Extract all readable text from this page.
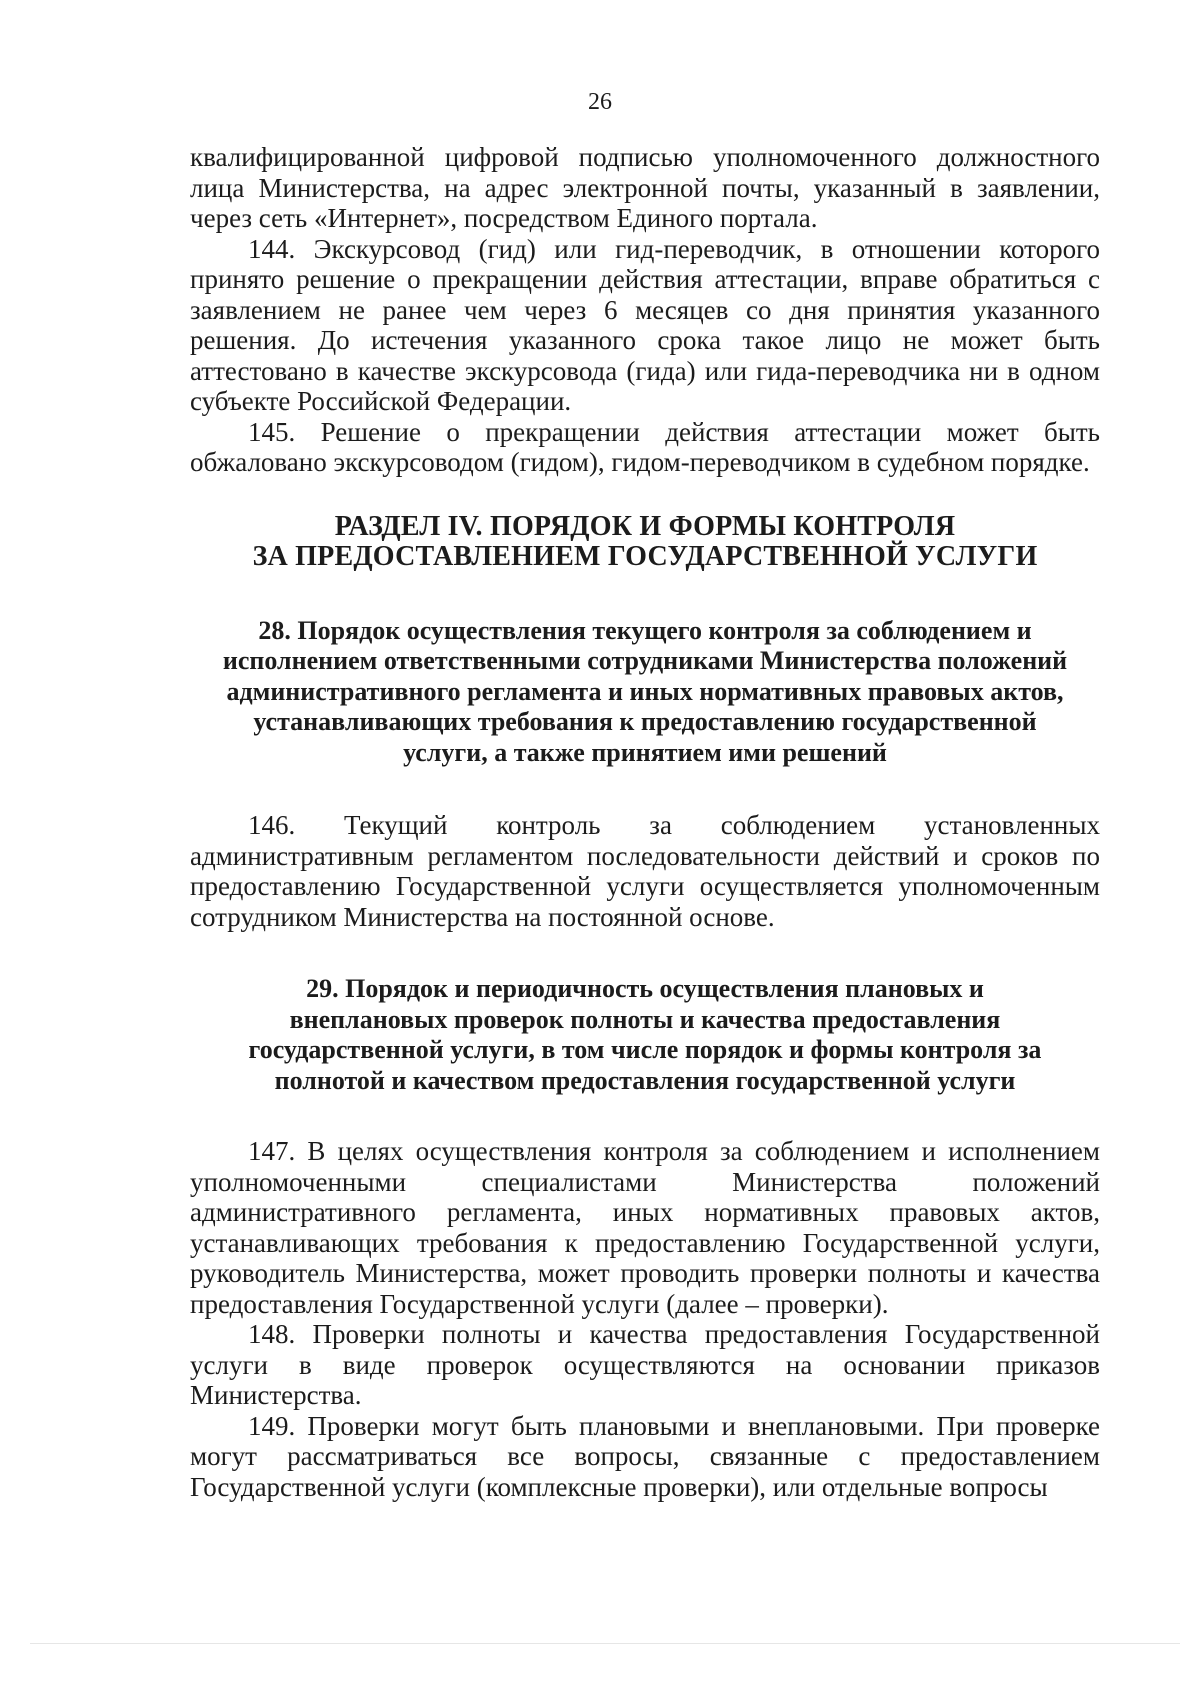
26

квалифицированной цифровой подписью уполномоченного должностного лица Министерства, на адрес электронной почты, указанный в заявлении, через сеть «Интернет», посредством Единого портала.

144. Экскурсовод (гид) или гид-переводчик, в отношении которого принято решение о прекращении действия аттестации, вправе обратиться с заявлением не ранее чем через 6 месяцев со дня принятия указанного решения. До истечения указанного срока такое лицо не может быть аттестовано в качестве экскурсовода (гида) или гида-переводчика ни в одном субъекте Российской Федерации.

145. Решение о прекращении действия аттестации может быть обжаловано экскурсоводом (гидом), гидом-переводчиком в судебном порядке.

РАЗДЕЛ IV. ПОРЯДОК И ФОРМЫ КОНТРОЛЯ
ЗА ПРЕДОСТАВЛЕНИЕМ ГОСУДАРСТВЕННОЙ УСЛУГИ
28. Порядок осуществления текущего контроля за соблюдением и
исполнением ответственными сотрудниками Министерства положений
административного регламента и иных нормативных правовых актов,
устанавливающих требования к предоставлению государственной
услуги, а также принятием ими решений

146. Текущий контроль за соблюдением установленных административным регламентом последовательности действий и сроков по предоставлению Государственной услуги осуществляется уполномоченным сотрудником Министерства на постоянной основе.

29. Порядок и периодичность осуществления плановых и
внеплановых проверок полноты и качества предоставления
государственной услуги, в том числе порядок и формы контроля за
полнотой и качеством предоставления государственной услуги

147. В целях осуществления контроля за соблюдением и исполнением уполномоченными специалистами Министерства положений административного регламента, иных нормативных правовых актов, устанавливающих требования к предоставлению Государственной услуги, руководитель Министерства, может проводить проверки полноты и качества предоставления Государственной услуги (далее – проверки).

148. Проверки полноты и качества предоставления Государственной услуги в виде проверок осуществляются на основании приказов Министерства.

149. Проверки могут быть плановыми и внеплановыми. При проверке могут рассматриваться все вопросы, связанные с предоставлением Государственной услуги (комплексные проверки), или отдельные вопросы
